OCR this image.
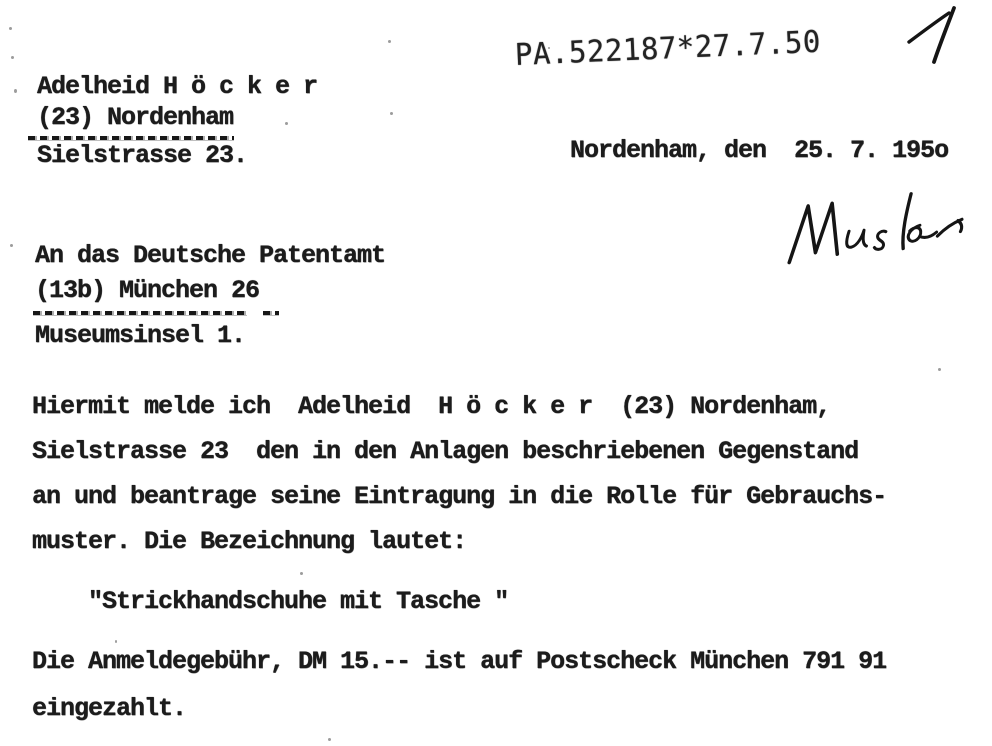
PA.522187*27.7.50
Adelheid H ö c k e r
(23) Nordenham
Sielstrasse 23.	Nordenham, den  25. 7. 195o
An das Deutsche Patentamt
(13b) München 26
Museumsinsel 1.
Hiermit melde ich  Adelheid  H ö c k e r  (23) Nordenham,
Sielstrasse 23  den in den Anlagen beschriebenen Gegenstand
an und beantrage seine Eintragung in die Rolle für Gebrauchs-
muster. Die Bezeichnung lautet:
"Strickhandschuhe mit Tasche "
Die Anmeldegebühr, DM 15.-- ist auf Postscheck München 791 91
eingezahlt.
